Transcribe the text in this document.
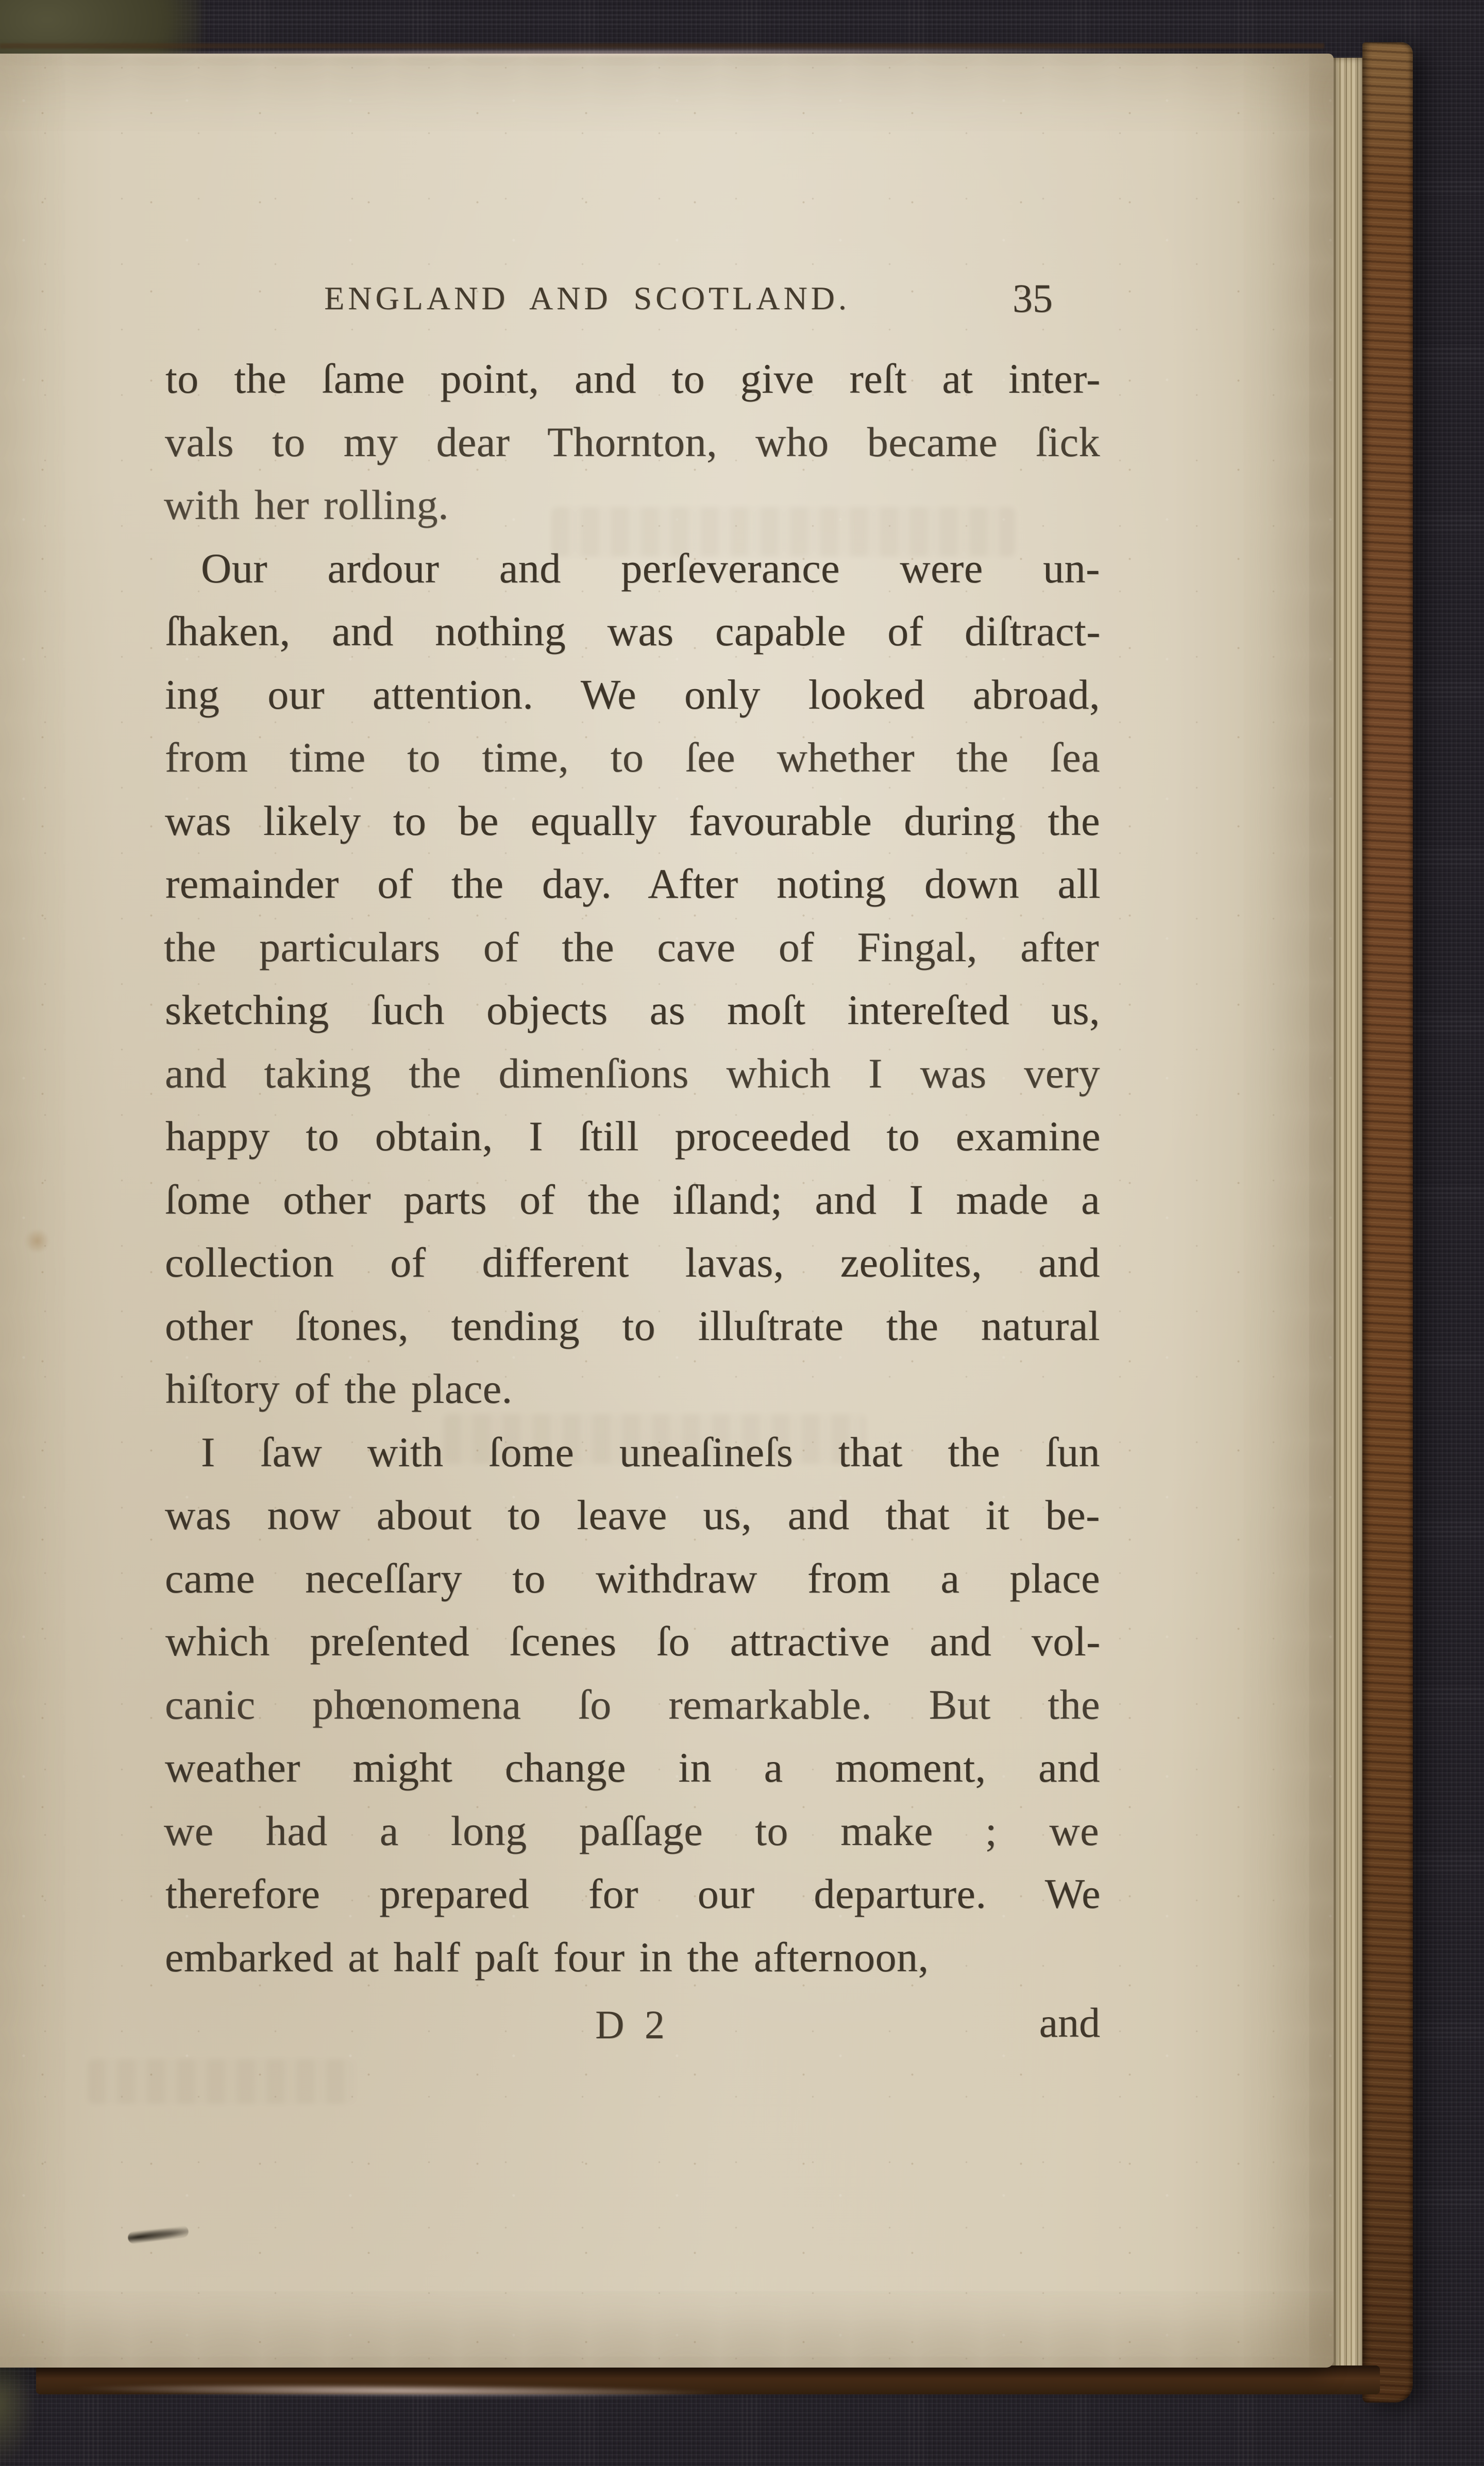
ENGLAND AND SCOTLAND.	35
to the ſame point, and to give reſt at inter-
vals to my dear Thornton, who became ſick
with her rolling.
Our ardour and perſeverance were un-
ſhaken, and nothing was capable of diſtract-
ing our attention. We only looked abroad,
from time to time, to ſee whether the ſea
was likely to be equally favourable during the
remainder of the day. After noting down all
the particulars of the cave of Fingal, after
sketching ſuch objects as moſt intereſted us,
and taking the dimenſions which I was very
happy to obtain, I ſtill proceeded to examine
ſome other parts of the iſland; and I made a
collection of different lavas, zeolites, and
other ſtones, tending to illuſtrate the natural
hiſtory of the place.
I ſaw with ſome uneaſineſs that the ſun
was now about to leave us, and that it be-
came neceſſary to withdraw from a place
which preſented ſcenes ſo attractive and vol-
canic phœnomena ſo remarkable. But the
weather might change in a moment, and
we had a long paſſage to make ; we
therefore prepared for our departure. We
embarked at half paſt four in the afternoon,
D 2	and
